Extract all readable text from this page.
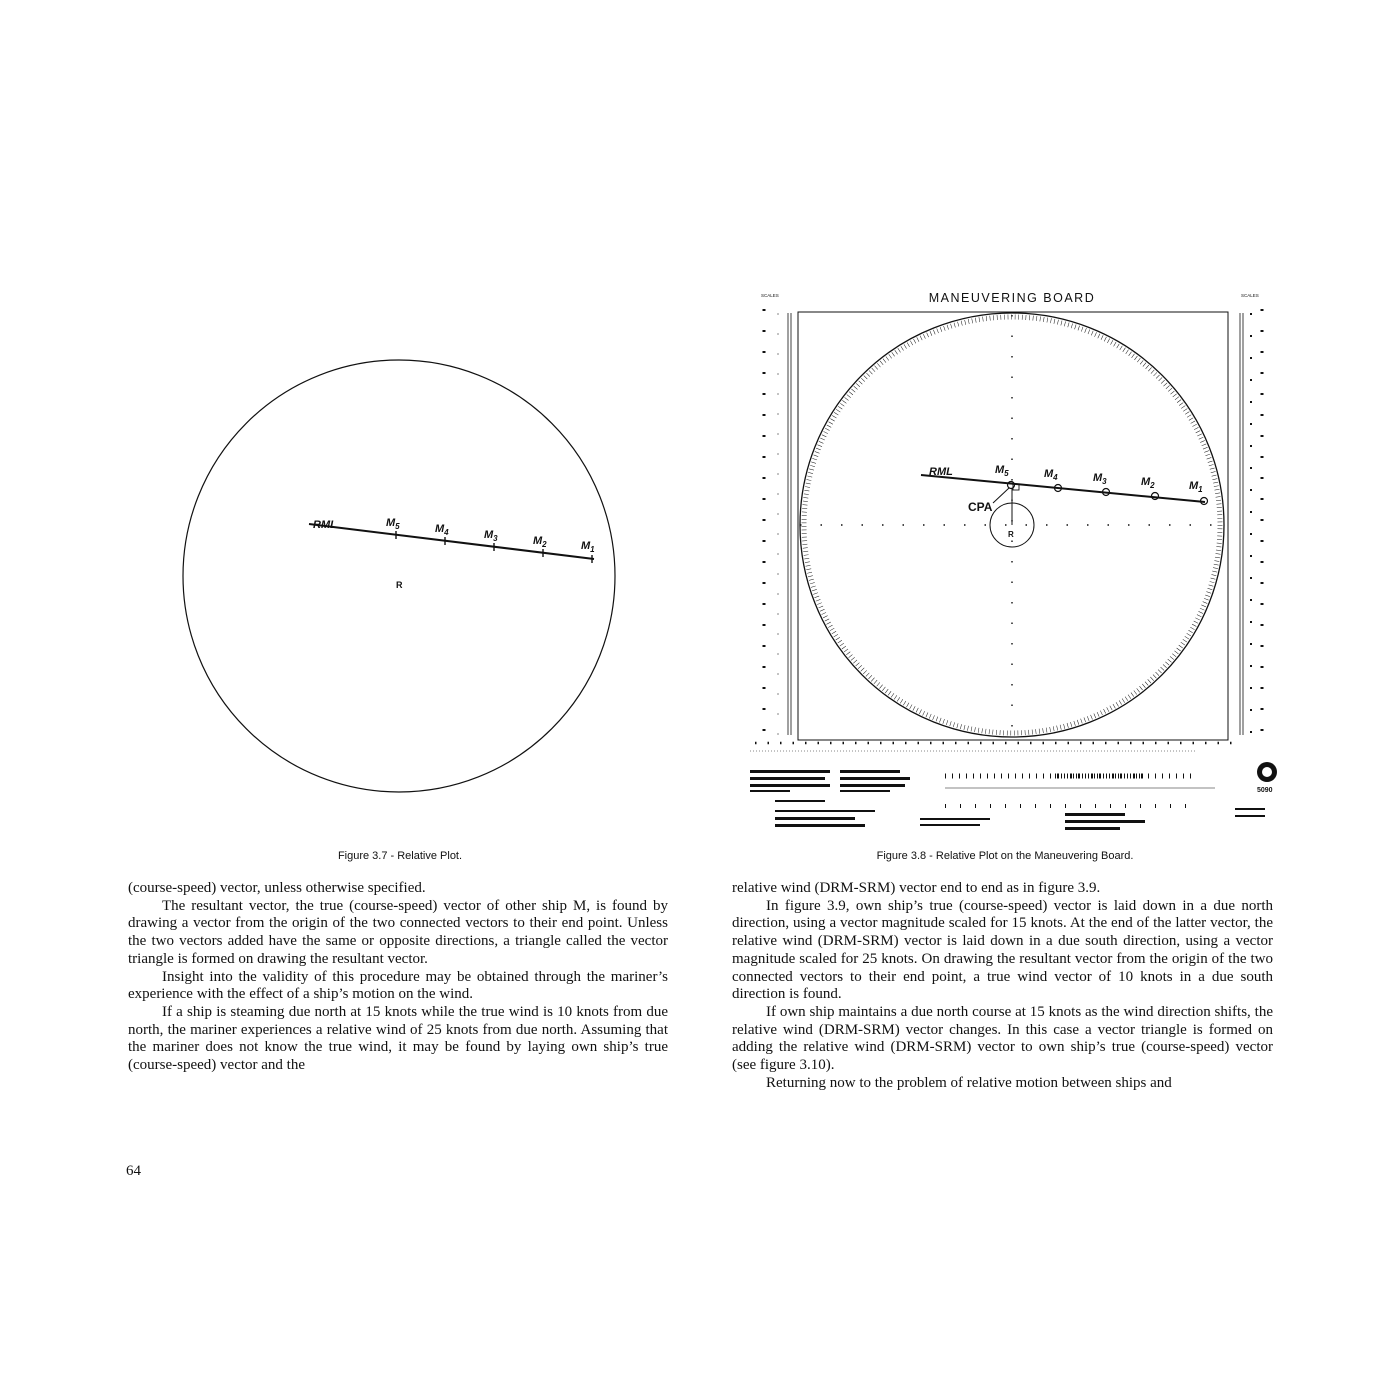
RML	$M_5$	$M_4$	$M_3$	$M_2$	$M_1$
R
Figure 3.7 - Relative Plot.
MANEUVERING BOARD
SCALES	SCALES
RML	$M_5$	$M_4$	$M_3$	$M_2$	$M_1$
CPA
R
5090
Figure 3.8 - Relative Plot on the Maneuvering Board.

(course-speed) vector, unless otherwise specified.

The resultant vector, the true (course-speed) vector of other ship M, is found by drawing a vector from the origin of the two connected vectors to their end point. Unless the two vectors added have the same or opposite directions, a triangle called the vector triangle is formed on drawing the resultant vector.

Insight into the validity of this procedure may be obtained through the mariner’s experience with the effect of a ship’s motion on the wind.

If a ship is steaming due north at 15 knots while the true wind is 10 knots from due north, the mariner experiences a relative wind of 25 knots from due north. Assuming that the mariner does not know the true wind, it may be found by laying own ship’s true (course-speed) vector and the

relative wind (DRM-SRM) vector end to end as in figure 3.9.

In figure 3.9, own ship’s true (course-speed) vector is laid down in a due north direction, using a vector magnitude scaled for 15 knots. At the end of the latter vector, the relative wind (DRM-SRM) vector is laid down in a due south direction, using a vector magnitude scaled for 25 knots. On drawing the resultant vector from the origin of the two connected vectors to their end point, a true wind vector of 10 knots in a due south direction is found.

If own ship maintains a due north course at 15 knots as the wind direction shifts, the relative wind (DRM-SRM) vector changes. In this case a vector triangle is formed on adding the relative wind (DRM-SRM) vector to own ship’s true (course-speed) vector (see figure 3.10).

Returning now to the problem of relative motion between ships and

64
